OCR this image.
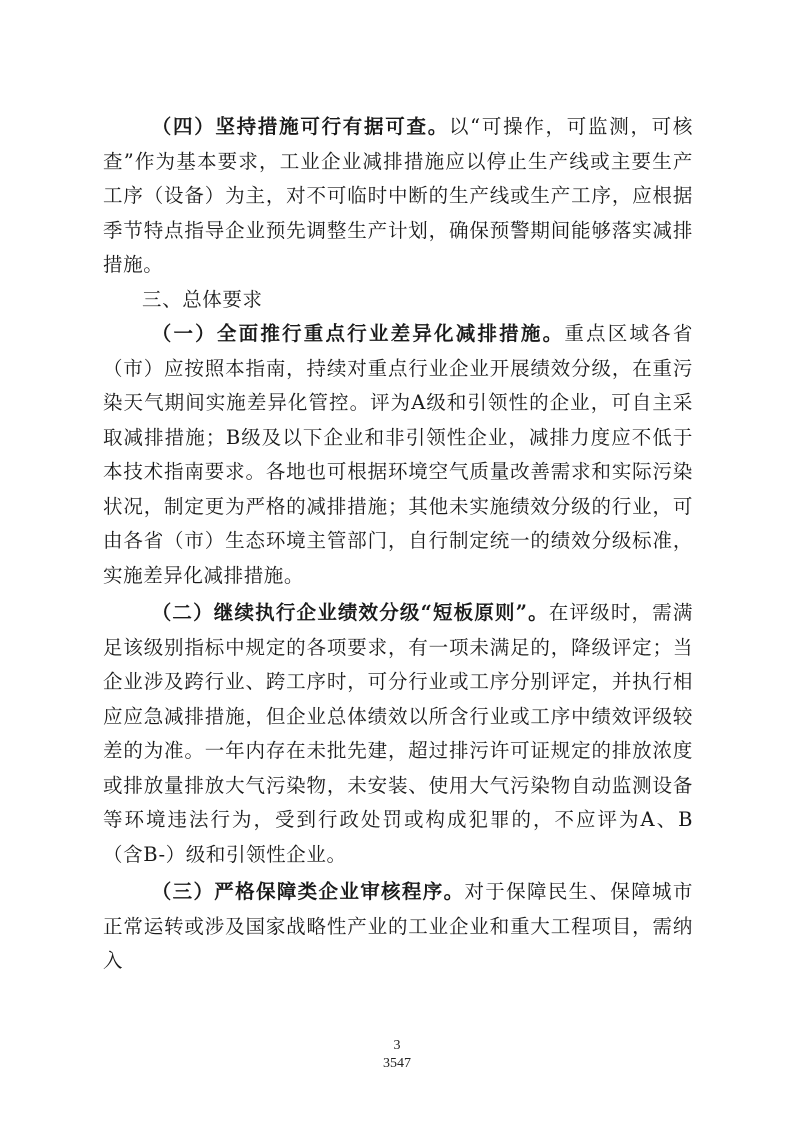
（四）坚持措施可行有据可查。以“可操作，可监测，可核查”作为基本要求，工业企业减排措施应以停止生产线或主要生产工序（设备）为主，对不可临时中断的生产线或生产工序，应根据季节特点指导企业预先调整生产计划，确保预警期间能够落实减排措施。

三、总体要求

（一）全面推行重点行业差异化减排措施。重点区域各省（市）应按照本指南，持续对重点行业企业开展绩效分级，在重污染天气期间实施差异化管控。评为A级和引领性的企业，可自主采取减排措施；B级及以下企业和非引领性企业，减排力度应不低于本技术指南要求。各地也可根据环境空气质量改善需求和实际污染状况，制定更为严格的减排措施；其他未实施绩效分级的行业，可由各省（市）生态环境主管部门，自行制定统一的绩效分级标准，实施差异化减排措施。

（二）继续执行企业绩效分级“短板原则”。在评级时，需满足该级别指标中规定的各项要求，有一项未满足的，降级评定；当企业涉及跨行业、跨工序时，可分行业或工序分别评定，并执行相应应急减排措施，但企业总体绩效以所含行业或工序中绩效评级较差的为准。一年内存在未批先建，超过排污许可证规定的排放浓度或排放量排放大气污染物，未安装、使用大气污染物自动监测设备等环境违法行为，受到行政处罚或构成犯罪的，不应评为A、B（含B-）级和引领性企业。

（三）严格保障类企业审核程序。对于保障民生、保障城市正常运转或涉及国家战略性产业的工业企业和重大工程项目，需纳入

3
3547
